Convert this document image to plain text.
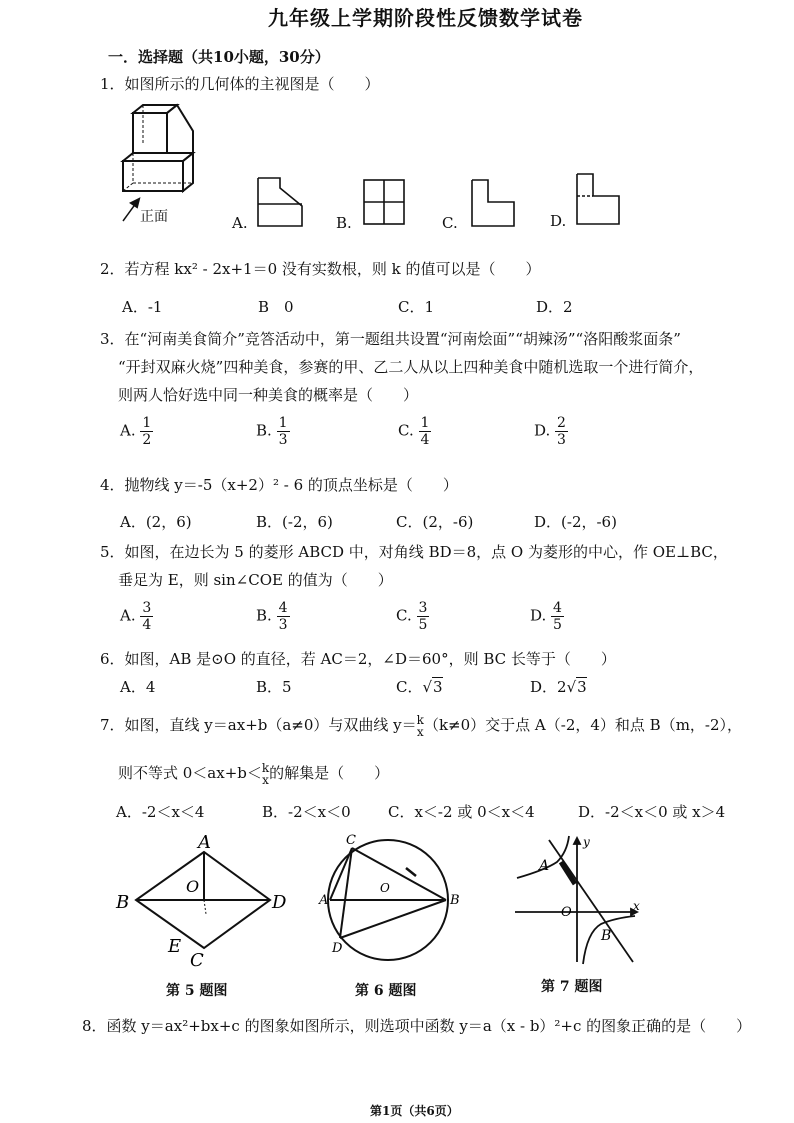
九年级上学期阶段性反馈数学试卷
一．选择题（共10小题，30分）
1．如图所示的几何体的主视图是（　　）
正面	A.	B.	C.	D.
2．若方程 kx² - 2x+1＝0 没有实数根，则 k 的值可以是（　　）
A．-1	B　0	C．1	D．2
3．在“河南美食简介”竞答活动中，第一题组共设置“河南烩面”“胡辣汤”“洛阳酸浆面条”
“开封双麻火烧”四种美食，参赛的甲、乙二人从以上四种美食中随机选取一个进行简介，
则两人恰好选中同一种美食的概率是（　　）
A. $\frac{1}{2}$	B. $\frac{1}{3}$	C. $\frac{1}{4}$	D. $\frac{2}{3}$
4．抛物线 y＝-5（x+2）² - 6 的顶点坐标是（　　）
A．(2，6)	B．(-2，6)	C．(2，-6)	D．(-2，-6)
5．如图，在边长为 5 的菱形 ABCD 中，对角线 BD＝8，点 O 为菱形的中心，作 OE⊥BC，
垂足为 E，则 sin∠COE 的值为（　　）
A. $\frac{3}{4}$	B. $\frac{4}{3}$	C. $\frac{3}{5}$	D. $\frac{4}{5}$
6．如图，AB 是⊙O 的直径，若 AC＝2，∠D＝60°，则 BC 长等于（　　）
A．4	B．5	C．√3	D．2√3
7．如图，直线 y＝ax+b（a≠0）与双曲线 y＝ k
x （k≠0）交于点 A（-2，4）和点 B（m，-2），
则不等式 0＜ax+b＜ k
x 的解集是（　　）
A．-2＜x＜4	B．-2＜x＜0 C．x＜-2 或 0＜x＜4	D．-2＜x＜0 或 x＞4
A
B
O
D
E
C
第 5 题图
C
A
O
B
D
第 6 题图
y
A
O	x
B
第 7 题图
8．函数 y＝ax²+bx+c 的图象如图所示，则选项中函数 y＝a（x - b）²+c 的图象正确的是（　　）
第1页（共6页）
